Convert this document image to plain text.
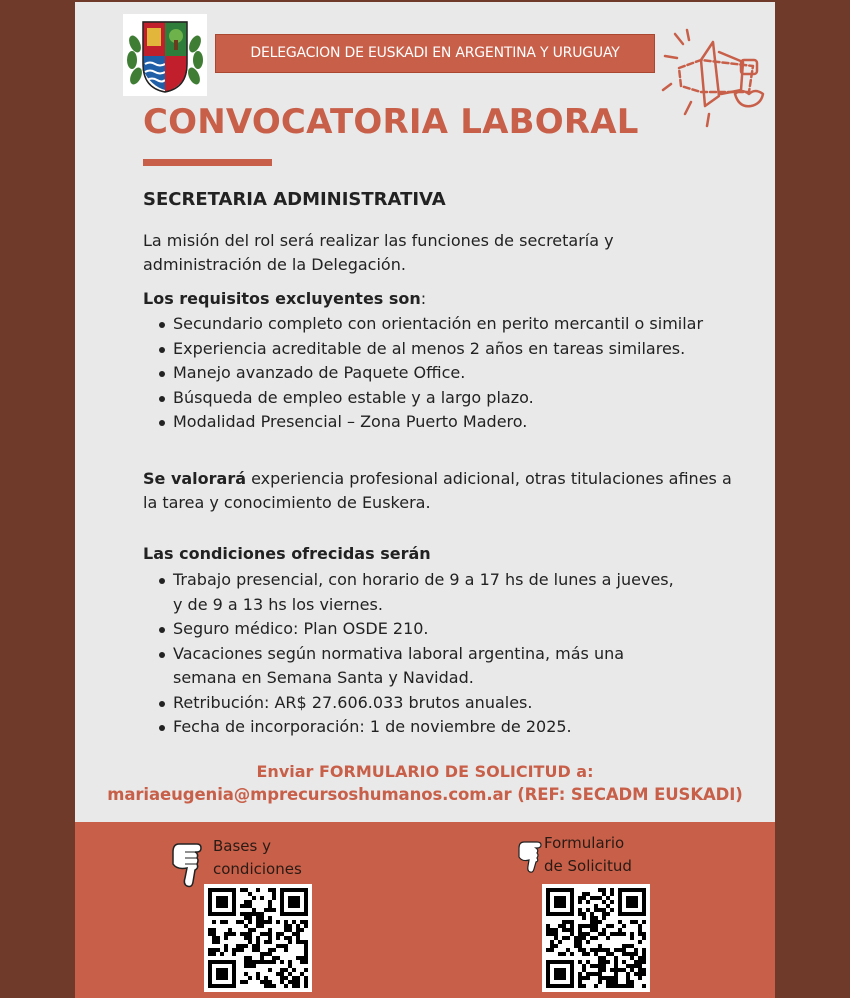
DELEGACION DE EUSKADI EN ARGENTINA Y URUGUAY
CONVOCATORIA LABORAL
SECRETARIA ADMINISTRATIVA

La misión del rol será realizar las funciones de secretaría y administración de la Delegación.

Los requisitos excluyentes son:

Secundario completo con orientación en perito mercantil o similar
Experiencia acreditable de al menos 2 años en tareas similares.
Manejo avanzado de Paquete Office.
Búsqueda de empleo estable y a largo plazo.
Modalidad Presencial – Zona Puerto Madero.

Se valorará experiencia profesional adicional, otras titulaciones afines a la tarea y conocimiento de Euskera.

Las condiciones ofrecidas serán

Trabajo presencial, con horario de 9 a 17 hs de lunes a jueves, y de 9 a 13 hs los viernes.
Seguro médico: Plan OSDE 210.
Vacaciones según normativa laboral argentina, más una semana en Semana Santa y Navidad.
Retribución: AR$ 27.606.033 brutos anuales.
Fecha de incorporación: 1 de noviembre de 2025.
Enviar FORMULARIO DE SOLICITUD a:
mariaeugenia@mprecursoshumanos.com.ar (REF: SECADM EUSKADI)
Bases y
condiciones
Formulario
de Solicitud
